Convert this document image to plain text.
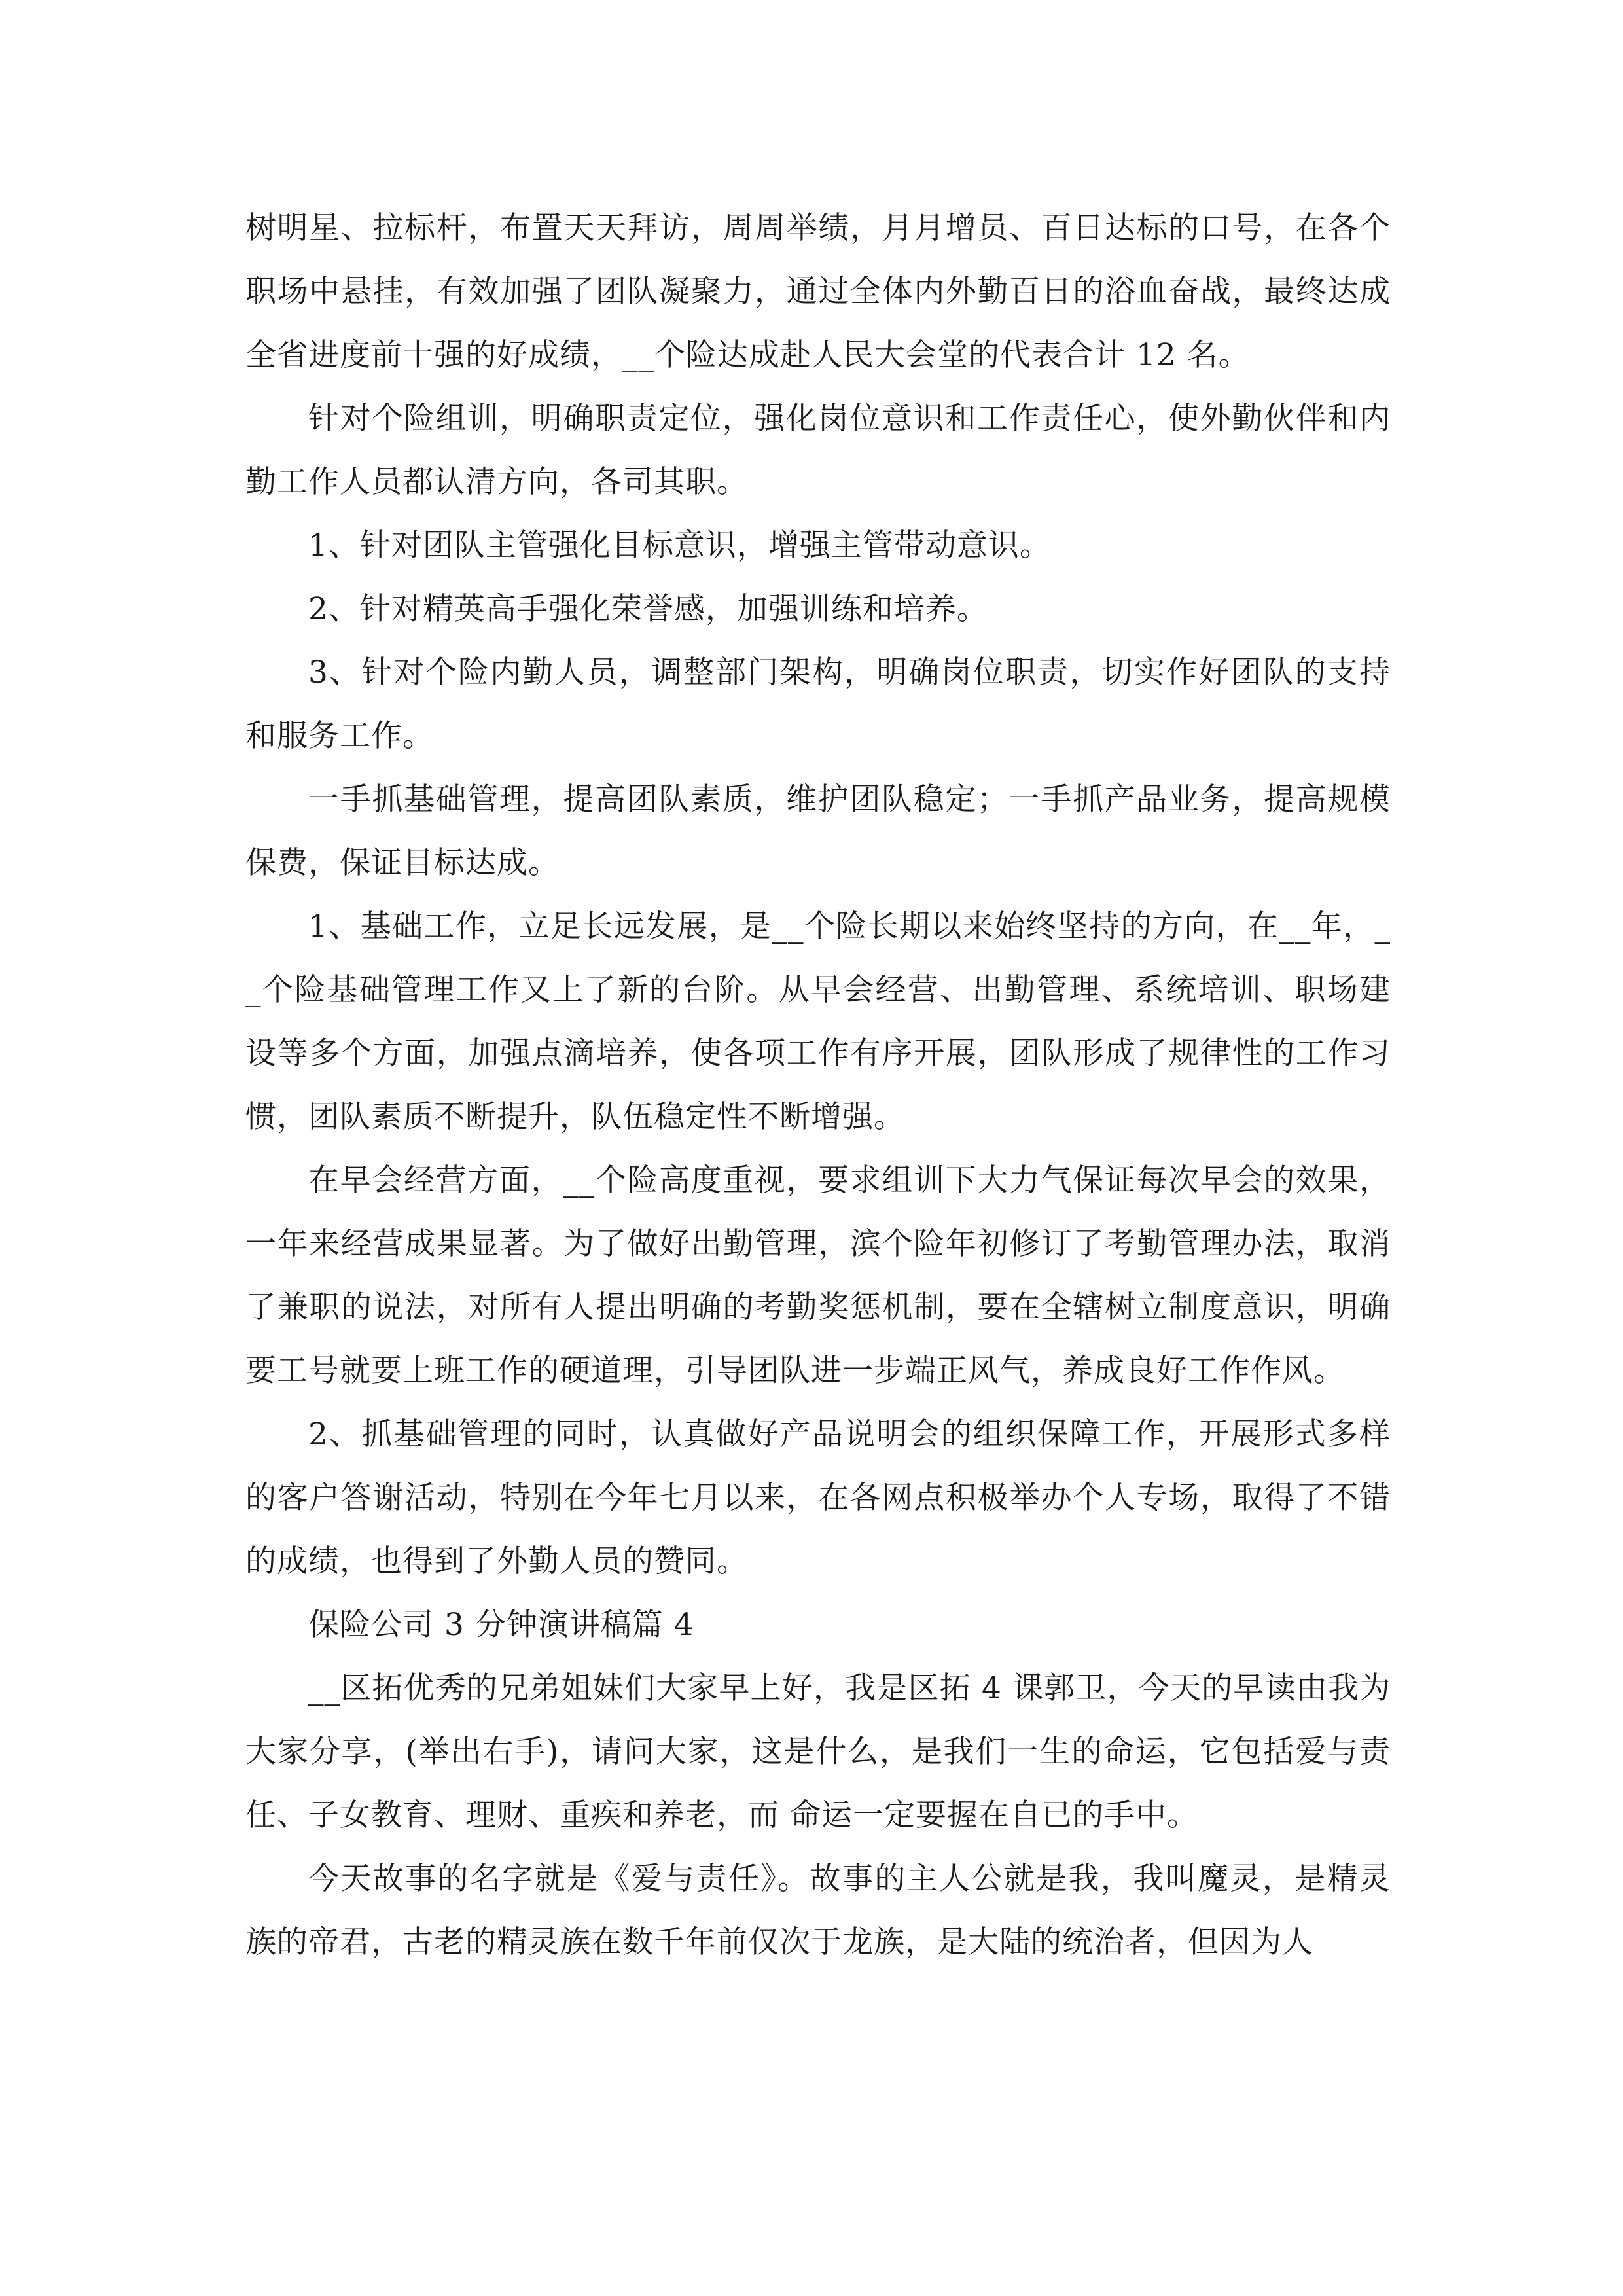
树明星、拉标杆，布置天天拜访，周周举绩，月月增员、百日达标的口号，在各个职场中悬挂，有效加强了团队凝聚力，通过全体内外勤百日的浴血奋战，最终达成全省进度前十强的好成绩，__个险达成赴人民大会堂的代表合计 12 名。

针对个险组训，明确职责定位，强化岗位意识和工作责任心，使外勤伙伴和内勤工作人员都认清方向，各司其职。

1、针对团队主管强化目标意识，增强主管带动意识。

2、针对精英高手强化荣誉感，加强训练和培养。

3、针对个险内勤人员，调整部门架构，明确岗位职责，切实作好团队的支持和服务工作。

一手抓基础管理，提高团队素质，维护团队稳定；一手抓产品业务，提高规模保费，保证目标达成。

1、基础工作，立足长远发展，是__个险长期以来始终坚持的方向，在__年，__个险基础管理工作又上了新的台阶。从早会经营、出勤管理、系统培训、职场建设等多个方面，加强点滴培养，使各项工作有序开展，团队形成了规律性的工作习惯，团队素质不断提升，队伍稳定性不断增强。

在早会经营方面，__个险高度重视，要求组训下大力气保证每次早会的效果，一年来经营成果显著。为了做好出勤管理，滨个险年初修订了考勤管理办法，取消了兼职的说法，对所有人提出明确的考勤奖惩机制，要在全辖树立制度意识，明确要工号就要上班工作的硬道理，引导团队进一步端正风气，养成良好工作作风。

2、抓基础管理的同时，认真做好产品说明会的组织保障工作，开展形式多样的客户答谢活动，特别在今年七月以来，在各网点积极举办个人专场，取得了不错的成绩，也得到了外勤人员的赞同。

保险公司 3 分钟演讲稿篇 4

__区拓优秀的兄弟姐妹们大家早上好，我是区拓 4 课郭卫，今天的早读由我为大家分享，(举出右手)，请问大家，这是什么，是我们一生的命运，它包括爱与责任、子女教育、理财、重疾和养老，而 命运一定要握在自已的手中。

今天故事的名字就是《爱与责任》。故事的主人公就是我，我叫魔灵，是精灵族的帝君，古老的精灵族在数千年前仅次于龙族，是大陆的统治者，但因为人
